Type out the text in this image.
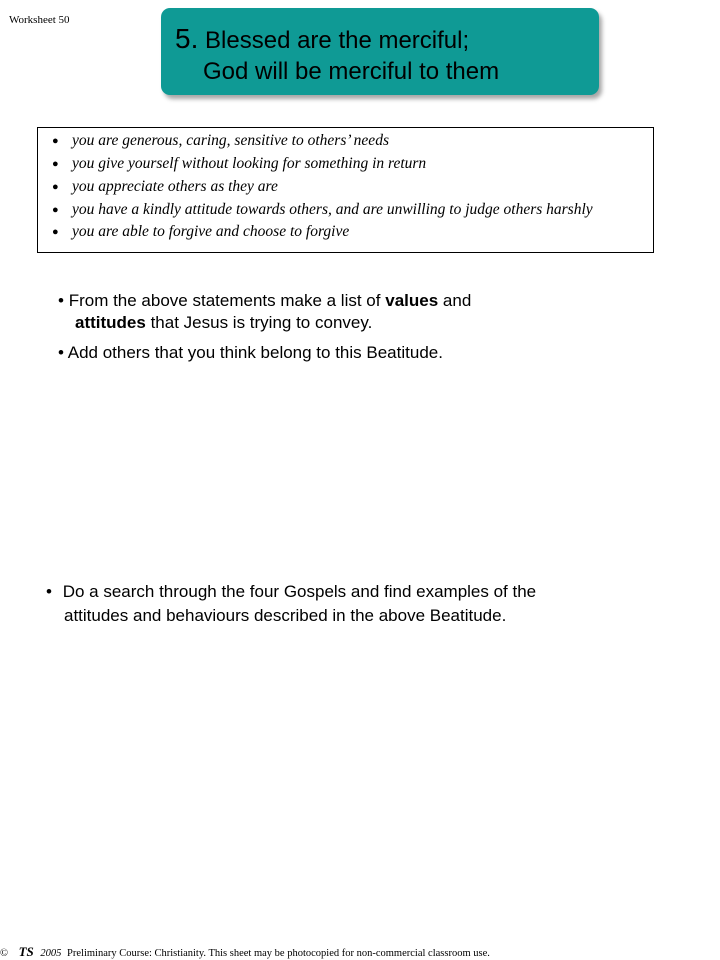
Worksheet 50
5. Blessed are the merciful;
God will be merciful to them
● you are generous, caring, sensitive to others’ needs
● you give yourself without looking for something in return
● you appreciate others as they are
● you have a kindly attitude towards others, and are unwilling to judge others harshly
● you are able to forgive and choose to forgive
• From the above statements make a list of values and
attitudes that Jesus is trying to convey.
• Add others that you think belong to this Beatitude.
• Do a search through the four Gospels and find examples of the
attitudes and behaviours described in the above Beatitude.
© TS 2005 Preliminary Course: Christianity. This sheet may be photocopied for non-commercial classroom use.
